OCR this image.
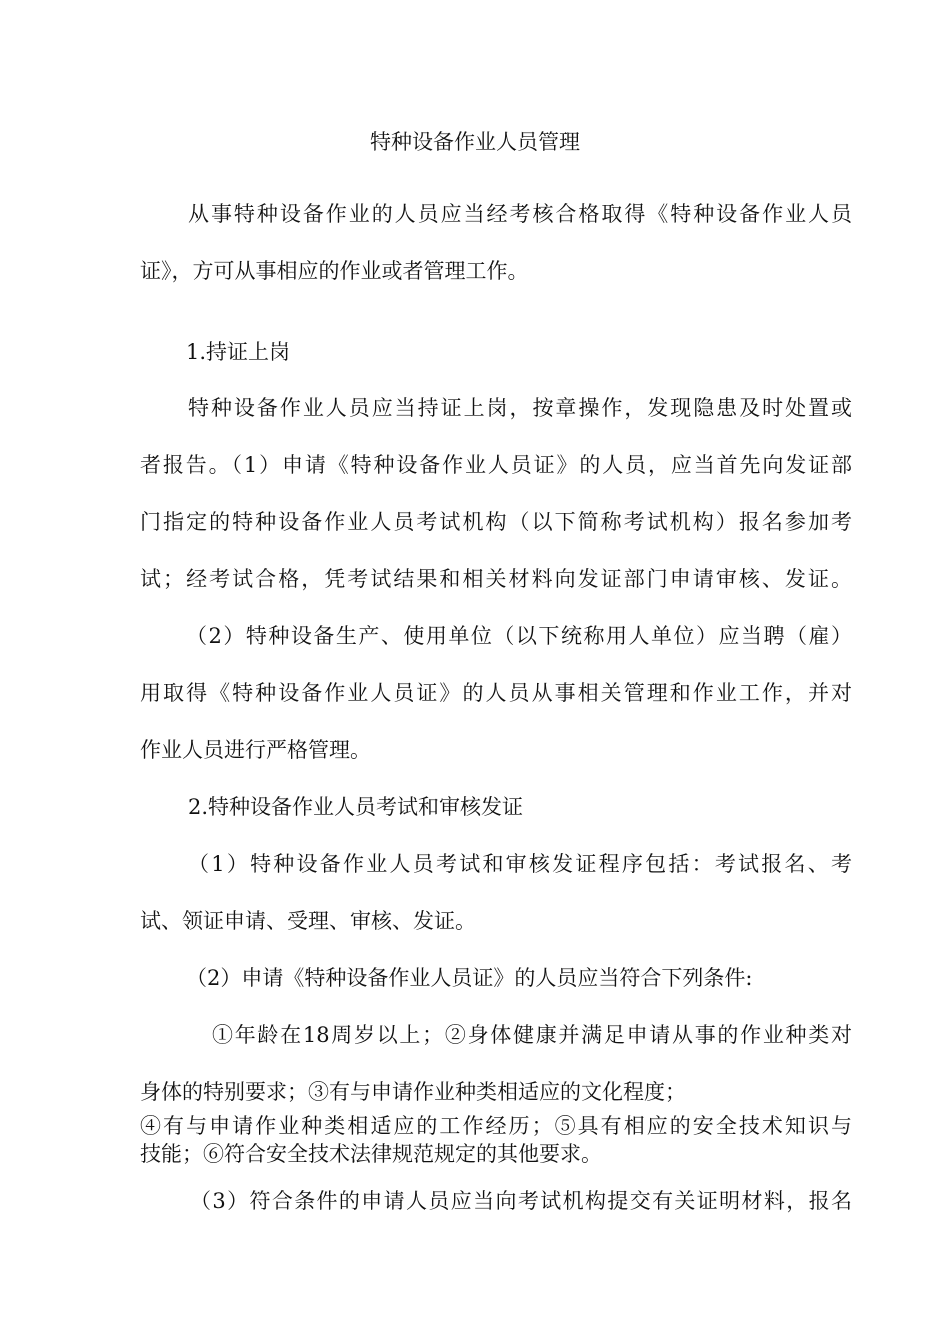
特种设备作业人员管理
从事特种设备作业的人员应当经考核合格取得《特种设备作业人员
证》，方可从事相应的作业或者管理工作。
1.持证上岗
特种设备作业人员应当持证上岗，按章操作，发现隐患及时处置或
者报告。（1）申请《特种设备作业人员证》的人员，应当首先向发证部
门指定的特种设备作业人员考试机构（以下简称考试机构）报名参加考
试；经考试合格，凭考试结果和相关材料向发证部门申请审核、发证。
（2）特种设备生产、使用单位（以下统称用人单位）应当聘（雇）
用取得《特种设备作业人员证》的人员从事相关管理和作业工作，并对
作业人员进行严格管理。
2.特种设备作业人员考试和审核发证
（1）特种设备作业人员考试和审核发证程序包括：考试报名、考
试、领证申请、受理、审核、发证。
（2）申请《特种设备作业人员证》的人员应当符合下列条件:
①年龄在18周岁以上；②身体健康并满足申请从事的作业种类对
身体的特别要求；③有与申请作业种类相适应的文化程度；
④有与申请作业种类相适应的工作经历；⑤具有相应的安全技术知识与
技能；⑥符合安全技术法律规范规定的其他要求。
（3）符合条件的申请人员应当向考试机构提交有关证明材料，报名
